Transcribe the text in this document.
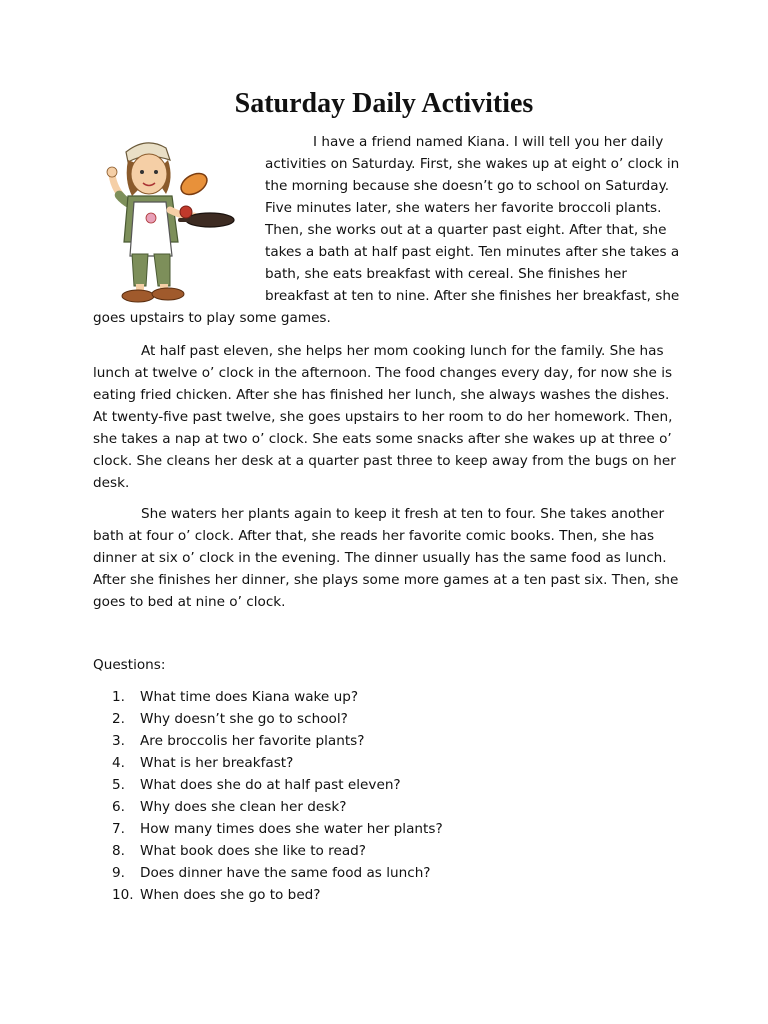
Saturday Daily Activities

I have a friend named Kiana. I will tell you her daily activities on Saturday. First, she wakes up at eight o’ clock in the morning because she doesn’t go to school on Saturday. Five minutes later, she waters her favorite broccoli plants. Then, she works out at a quarter past eight. After that, she takes a bath at half past eight. Ten minutes after she takes a bath, she eats breakfast with cereal. She finishes her breakfast at ten to nine. After she finishes her breakfast, she goes upstairs to play some games.

At half past eleven, she helps her mom cooking lunch for the family. She has lunch at twelve o’ clock in the afternoon. The food changes every day, for now she is eating fried chicken. After she has finished her lunch, she always washes the dishes. At twenty-five past twelve, she goes upstairs to her room to do her homework. Then, she takes a nap at two o’ clock. She eats some snacks after she wakes up at three o’ clock. She cleans her desk at a quarter past three to keep away from the bugs on her desk.

She waters her plants again to keep it fresh at ten to four. She takes another bath at four o’ clock. After that, she reads her favorite comic books. Then, she has dinner at six o’ clock in the evening. The dinner usually has the same food as lunch. After she finishes her dinner, she plays some more games at a ten past six. Then, she goes to bed at nine o’ clock.

Questions:

1.	What time does Kiana wake up?
2.	Why doesn’t she go to school?
3.	Are broccolis her favorite plants?
4.	What is her breakfast?
5.	What does she do at half past eleven?
6.	Why does she clean her desk?
7.	How many times does she water her plants?
8.	What book does she like to read?
9.	Does dinner have the same food as lunch?
10. When does she go to bed?
